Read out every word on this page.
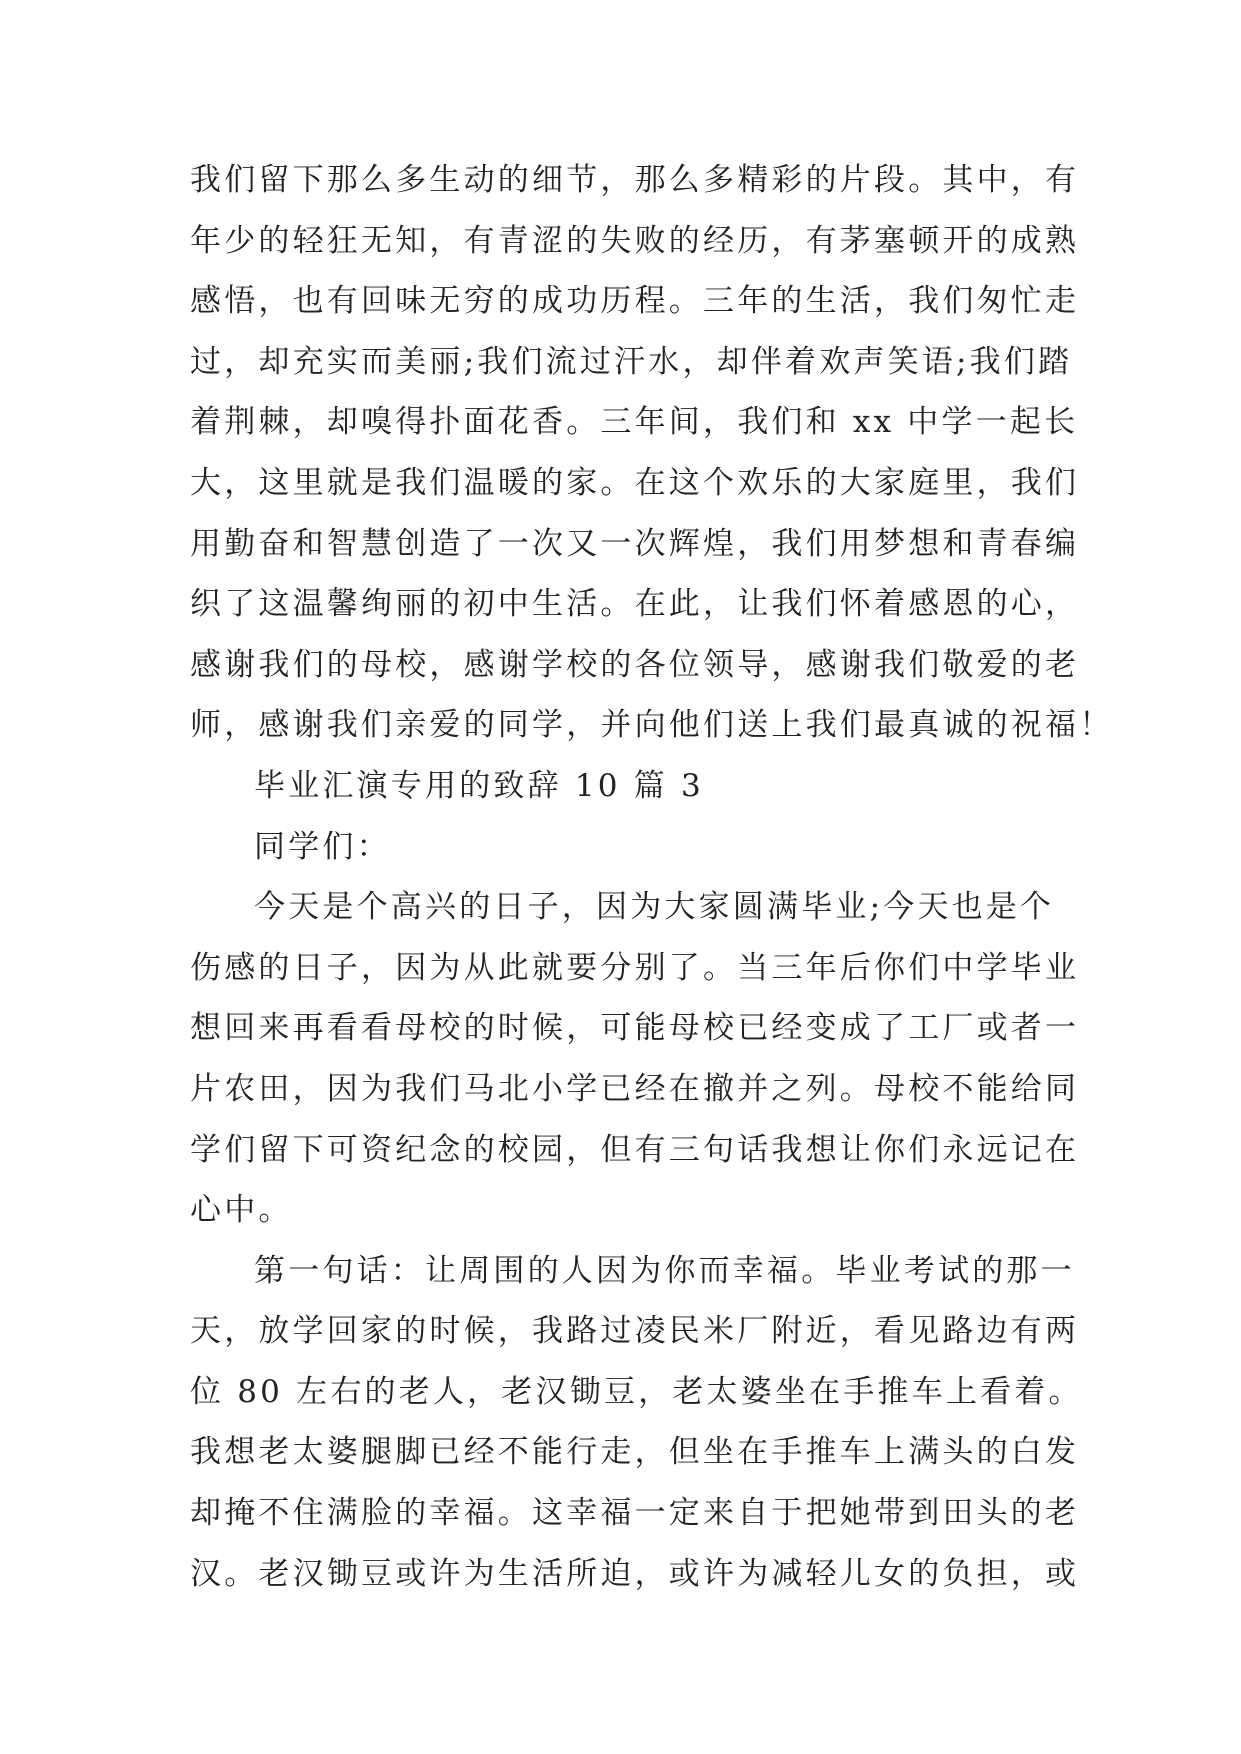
我们留下那么多生动的细节，那么多精彩的片段。其中，有
年少的轻狂无知，有青涩的失败的经历，有茅塞顿开的成熟
感悟，也有回味无穷的成功历程。三年的生活，我们匆忙走
过，却充实而美丽;我们流过汗水，却伴着欢声笑语;我们踏
着荆棘，却嗅得扑面花香。三年间，我们和 xx 中学一起长
大，这里就是我们温暖的家。在这个欢乐的大家庭里，我们
用勤奋和智慧创造了一次又一次辉煌，我们用梦想和青春编
织了这温馨绚丽的初中生活。在此，让我们怀着感恩的心，
感谢我们的母校，感谢学校的各位领导，感谢我们敬爱的老
师，感谢我们亲爱的同学，并向他们送上我们最真诚的祝福！
毕业汇演专用的致辞 10 篇 3
同学们：
今天是个高兴的日子，因为大家圆满毕业;今天也是个
伤感的日子，因为从此就要分别了。当三年后你们中学毕业
想回来再看看母校的时候，可能母校已经变成了工厂或者一
片农田，因为我们马北小学已经在撤并之列。母校不能给同
学们留下可资纪念的校园，但有三句话我想让你们永远记在
心中。
第一句话：让周围的人因为你而幸福。毕业考试的那一
天，放学回家的时候，我路过凌民米厂附近，看见路边有两
位 80 左右的老人，老汉锄豆，老太婆坐在手推车上看着。
我想老太婆腿脚已经不能行走，但坐在手推车上满头的白发
却掩不住满脸的幸福。这幸福一定来自于把她带到田头的老
汉。老汉锄豆或许为生活所迫，或许为减轻儿女的负担，或
